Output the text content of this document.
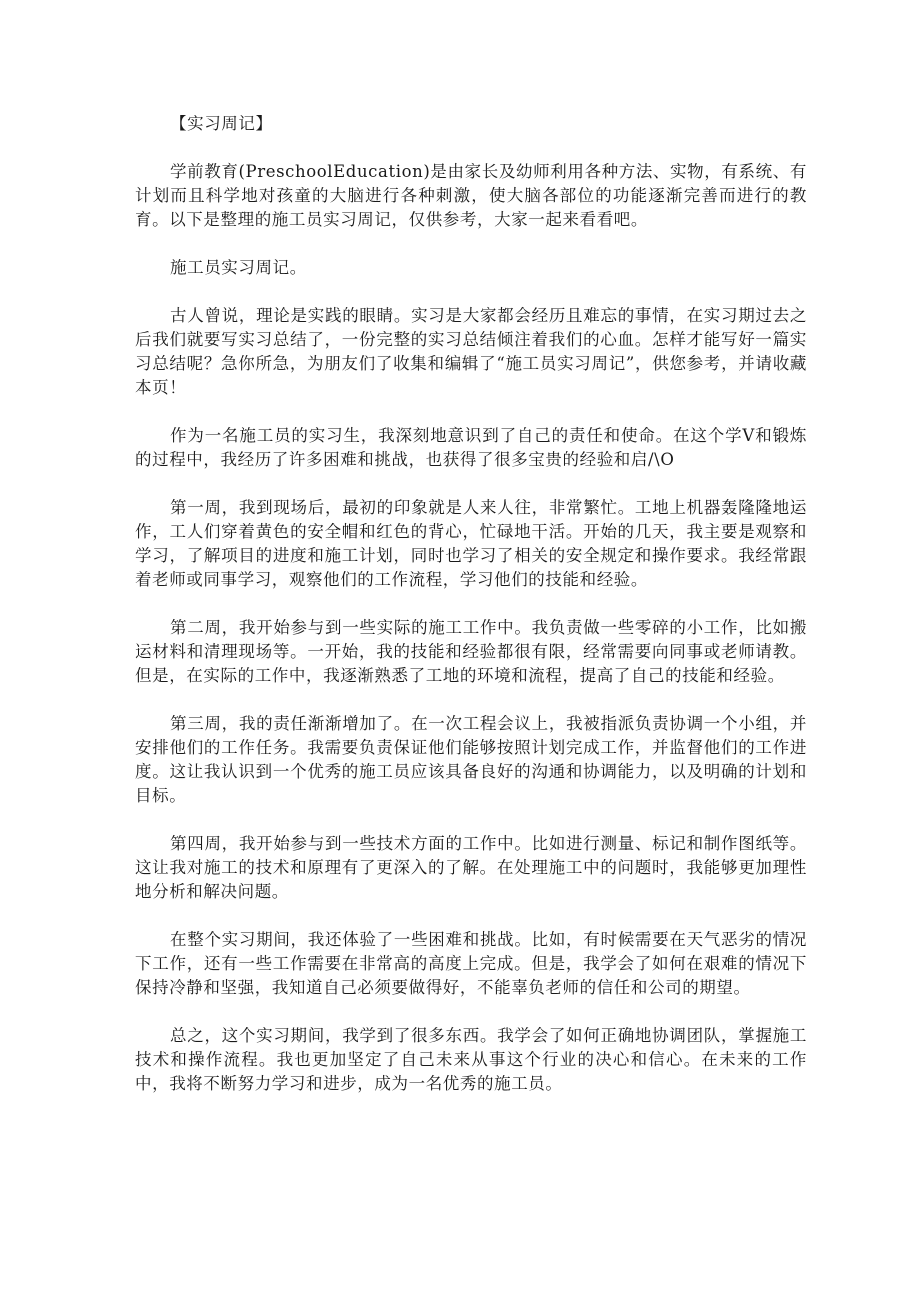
【实习周记】

学前教育(PreschoolEducation)是由家长及幼师利用各种方法、实物，有系统、有计划而且科学地对孩童的大脑进行各种刺激，使大脑各部位的功能逐渐完善而进行的教育。以下是整理的施工员实习周记，仅供参考，大家一起来看看吧。

施工员实习周记。

古人曾说，理论是实践的眼睛。实习是大家都会经历且难忘的事情，在实习期过去之后我们就要写实习总结了，一份完整的实习总结倾注着我们的心血。怎样才能写好一篇实习总结呢？急你所急，为朋友们了收集和编辑了“施工员实习周记”，供您参考，并请收藏本页！

作为一名施工员的实习生，我深刻地意识到了自己的责任和使命。在这个学V和锻炼的过程中，我经历了许多困难和挑战，也获得了很多宝贵的经验和启/\O

第一周，我到现场后，最初的印象就是人来人往，非常繁忙。工地上机器轰隆隆地运作，工人们穿着黄色的安全帽和红色的背心，忙碌地干活。开始的几天，我主要是观察和学习，了解项目的进度和施工计划，同时也学习了相关的安全规定和操作要求。我经常跟着老师或同事学习，观察他们的工作流程，学习他们的技能和经验。

第二周，我开始参与到一些实际的施工工作中。我负责做一些零碎的小工作，比如搬运材料和清理现场等。一开始，我的技能和经验都很有限，经常需要向同事或老师请教。但是，在实际的工作中，我逐渐熟悉了工地的环境和流程，提高了自己的技能和经验。

第三周，我的责任渐渐增加了。在一次工程会议上，我被指派负责协调一个小组，并安排他们的工作任务。我需要负责保证他们能够按照计划完成工作，并监督他们的工作进度。这让我认识到一个优秀的施工员应该具备良好的沟通和协调能力，以及明确的计划和目标。

第四周，我开始参与到一些技术方面的工作中。比如进行测量、标记和制作图纸等。这让我对施工的技术和原理有了更深入的了解。在处理施工中的问题时，我能够更加理性地分析和解决问题。

在整个实习期间，我还体验了一些困难和挑战。比如，有时候需要在天气恶劣的情况下工作，还有一些工作需要在非常高的高度上完成。但是，我学会了如何在艰难的情况下保持冷静和坚强，我知道自己必须要做得好，不能辜负老师的信任和公司的期望。

总之，这个实习期间，我学到了很多东西。我学会了如何正确地协调团队，掌握施工技术和操作流程。我也更加坚定了自己未来从事这个行业的决心和信心。在未来的工作中，我将不断努力学习和进步，成为一名优秀的施工员。
